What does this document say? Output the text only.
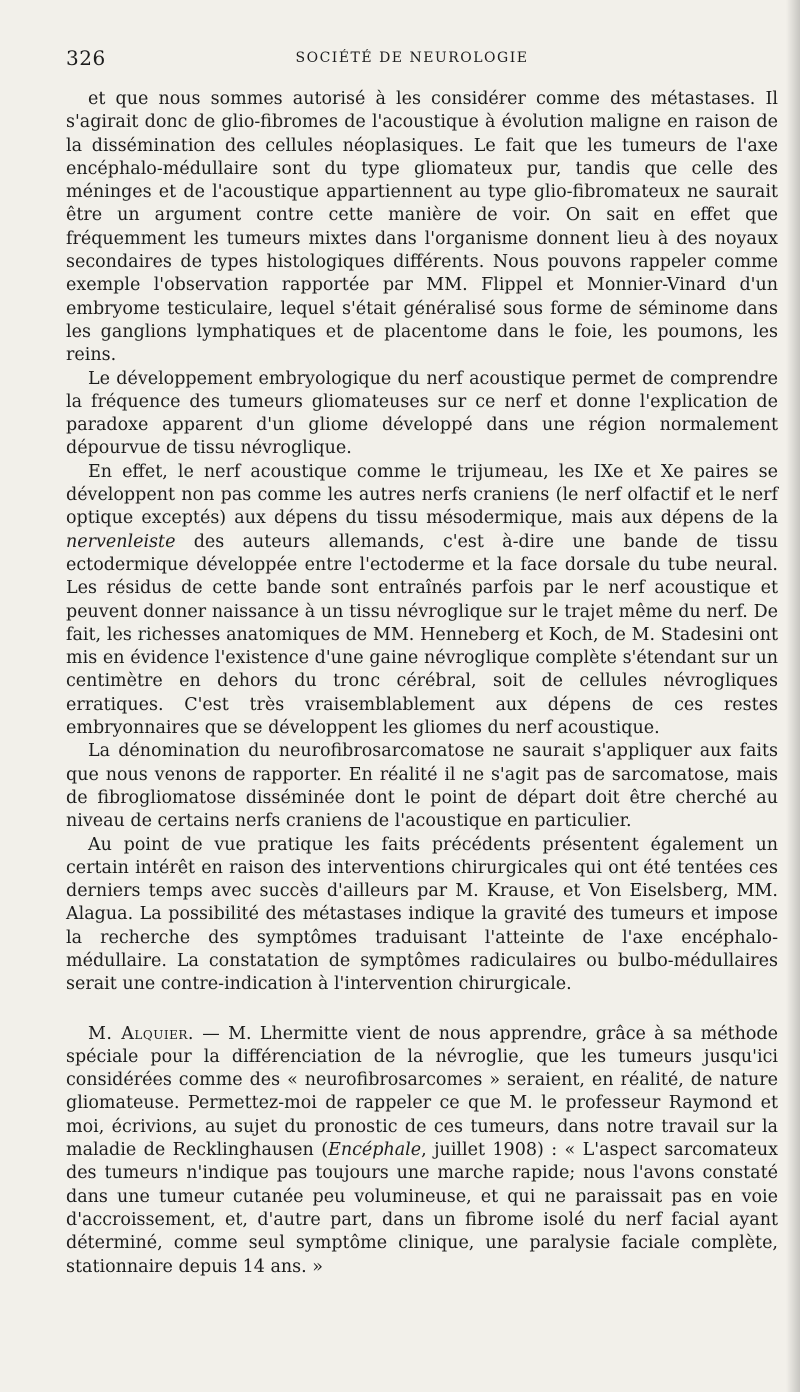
326	SOCIÉTÉ DE NEUROLOGIE

et que nous sommes autorisé à les considérer comme des métastases. Il s'agirait donc de glio-fibromes de l'acoustique à évolution maligne en raison de la dissémination des cellules néoplasiques. Le fait que les tumeurs de l'axe encéphalo-médullaire sont du type gliomateux pur, tandis que celle des méninges et de l'acoustique appartiennent au type glio-fibromateux ne saurait être un argument contre cette manière de voir. On sait en effet que fréquemment les tumeurs mixtes dans l'organisme donnent lieu à des noyaux secondaires de types histologiques différents. Nous pouvons rappeler comme exemple l'observation rapportée par MM. Flippel et Monnier-Vinard d'un embryome testiculaire, lequel s'était généralisé sous forme de séminome dans les ganglions lymphatiques et de placentome dans le foie, les poumons, les reins.

Le développement embryologique du nerf acoustique permet de comprendre la fréquence des tumeurs gliomateuses sur ce nerf et donne l'explication de paradoxe apparent d'un gliome développé dans une région normalement dépourvue de tissu névroglique.

En effet, le nerf acoustique comme le trijumeau, les IXe et Xe paires se développent non pas comme les autres nerfs craniens (le nerf olfactif et le nerf optique exceptés) aux dépens du tissu mésodermique, mais aux dépens de la nervenleiste des auteurs allemands, c'est à-dire une bande de tissu ectodermique développée entre l'ectoderme et la face dorsale du tube neural. Les résidus de cette bande sont entraînés parfois par le nerf acoustique et peuvent donner naissance à un tissu névroglique sur le trajet même du nerf. De fait, les richesses anatomiques de MM. Henneberg et Koch, de M. Stadesini ont mis en évidence l'existence d'une gaine névroglique complète s'étendant sur un centimètre en dehors du tronc cérébral, soit de cellules névrogliques erratiques. C'est très vraisemblablement aux dépens de ces restes embryonnaires que se développent les gliomes du nerf acoustique.

La dénomination du neurofibrosarcomatose ne saurait s'appliquer aux faits que nous venons de rapporter. En réalité il ne s'agit pas de sarcomatose, mais de fibrogliomatose disséminée dont le point de départ doit être cherché au niveau de certains nerfs craniens de l'acoustique en particulier.

Au point de vue pratique les faits précédents présentent également un certain intérêt en raison des interventions chirurgicales qui ont été tentées ces derniers temps avec succès d'ailleurs par M. Krause, et Von Eiselsberg, MM. Alagua. La possibilité des métastases indique la gravité des tumeurs et impose la recherche des symptômes traduisant l'atteinte de l'axe encéphalo-médullaire. La constatation de symptômes radiculaires ou bulbo-médullaires serait une contre-indication à l'intervention chirurgicale.

M. Alquier. — M. Lhermitte vient de nous apprendre, grâce à sa méthode spéciale pour la différenciation de la névroglie, que les tumeurs jusqu'ici considérées comme des « neurofibrosarcomes » seraient, en réalité, de nature gliomateuse. Permettez-moi de rappeler ce que M. le professeur Raymond et moi, écrivions, au sujet du pronostic de ces tumeurs, dans notre travail sur la maladie de Recklinghausen (Encéphale, juillet 1908) : « L'aspect sarcomateux des tumeurs n'indique pas toujours une marche rapide; nous l'avons constaté dans une tumeur cutanée peu volumineuse, et qui ne paraissait pas en voie d'accroissement, et, d'autre part, dans un fibrome isolé du nerf facial ayant déterminé, comme seul symptôme clinique, une paralysie faciale complète, stationnaire depuis 14 ans. »
